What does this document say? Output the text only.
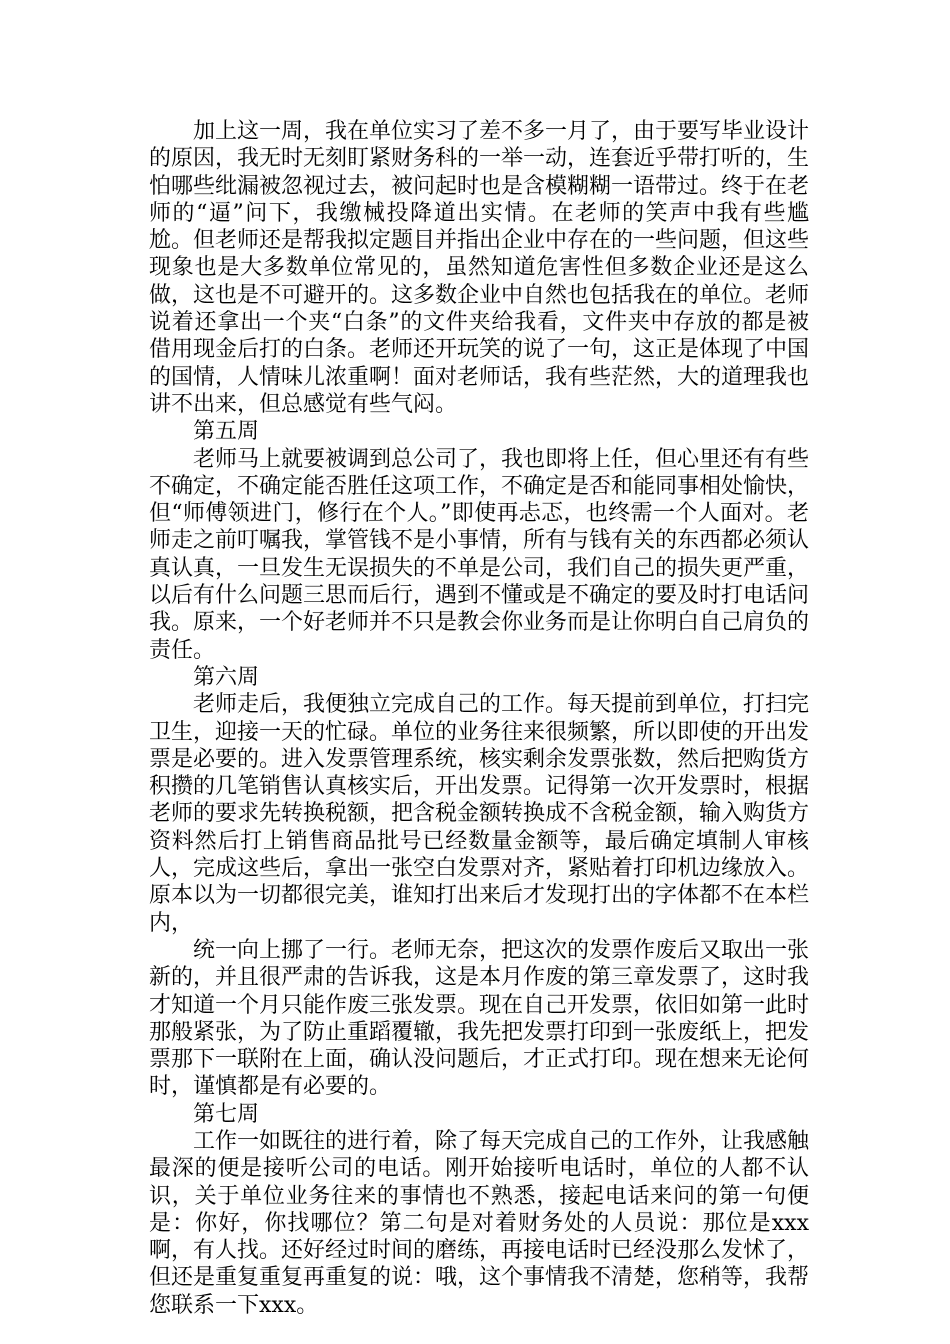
加上这一周，我在单位实习了差不多一月了，由于要写毕业设计的原因，我无时无刻盯紧财务科的一举一动，连套近乎带打听的，生怕哪些纰漏被忽视过去，被问起时也是含模糊糊一语带过。终于在老师的“逼”问下，我缴械投降道出实情。在老师的笑声中我有些尴尬。但老师还是帮我拟定题目并指出企业中存在的一些问题，但这些现象也是大多数单位常见的，虽然知道危害性但多数企业还是这么做，这也是不可避开的。这多数企业中自然也包括我在的单位。老师说着还拿出一个夹“白条”的文件夹给我看，文件夹中存放的都是被借用现金后打的白条。老师还开玩笑的说了一句，这正是体现了中国的国情，人情味儿浓重啊！面对老师话，我有些茫然，大的道理我也讲不出来，但总感觉有些气闷。

第五周

老师马上就要被调到总公司了，我也即将上任，但心里还有有些不确定，不确定能否胜任这项工作，不确定是否和能同事相处愉快，但“师傅领进门，修行在个人。”即使再忐忑，也终需一个人面对。老师走之前叮嘱我，掌管钱不是小事情，所有与钱有关的东西都必须认真认真，一旦发生无误损失的不单是公司，我们自己的损失更严重，以后有什么问题三思而后行，遇到不懂或是不确定的要及时打电话问我。原来，一个好老师并不只是教会你业务而是让你明白自己肩负的责任。

第六周

老师走后，我便独立完成自己的工作。每天提前到单位，打扫完卫生，迎接一天的忙碌。单位的业务往来很频繁，所以即使的开出发票是必要的。进入发票管理系统，核实剩余发票张数，然后把购货方积攒的几笔销售认真核实后，开出发票。记得第一次开发票时，根据老师的要求先转换税额，把含税金额转换成不含税金额，输入购货方资料然后打上销售商品批号已经数量金额等，最后确定填制人审核人，完成这些后，拿出一张空白发票对齐，紧贴着打印机边缘放入。原本以为一切都很完美，谁知打出来后才发现打出的字体都不在本栏内，

统一向上挪了一行。老师无奈，把这次的发票作废后又取出一张新的，并且很严肃的告诉我，这是本月作废的第三章发票了，这时我才知道一个月只能作废三张发票。现在自己开发票，依旧如第一此时那般紧张，为了防止重蹈覆辙，我先把发票打印到一张废纸上，把发票那下一联附在上面，确认没问题后，才正式打印。现在想来无论何时，谨慎都是有必要的。

第七周

工作一如既往的进行着，除了每天完成自己的工作外，让我感触最深的便是接听公司的电话。刚开始接听电话时，单位的人都不认识，关于单位业务往来的事情也不熟悉，接起电话来问的第一句便是：你好，你找哪位？第二句是对着财务处的人员说：那位是xxx啊，有人找。还好经过时间的磨练，再接电话时已经没那么发怵了，但还是重复重复再重复的说：哦，这个事情我不清楚，您稍等，我帮您联系一下xxx。
